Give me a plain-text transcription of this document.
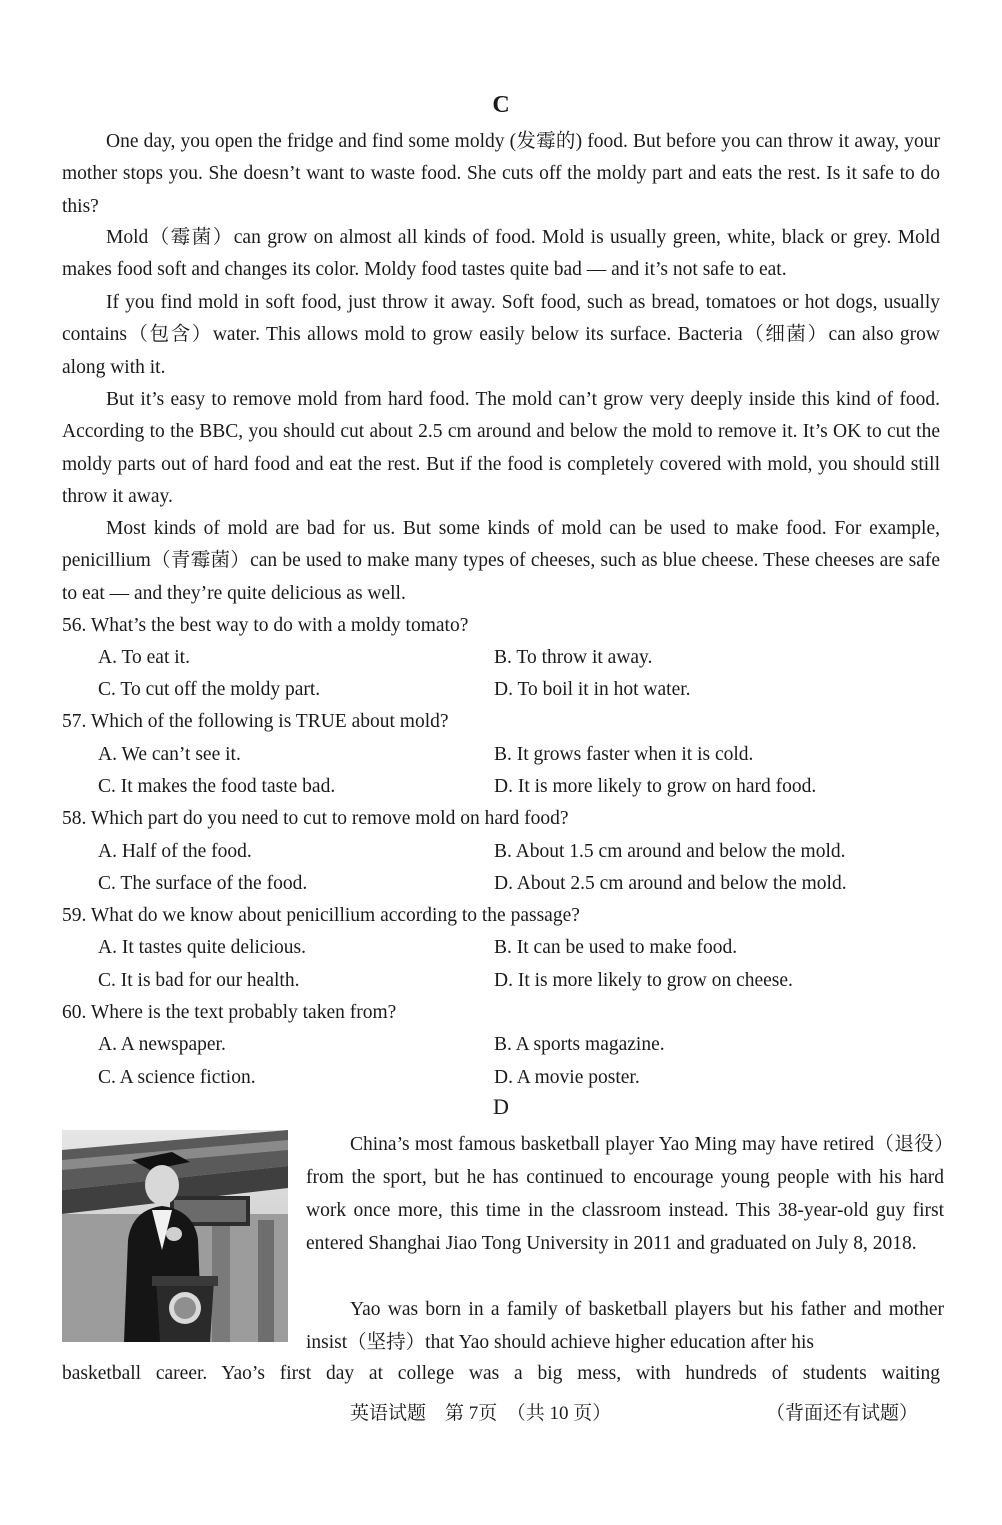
C

One day, you open the fridge and find some moldy (发霉的) food. But before you can throw it away, your mother stops you. She doesn’t want to waste food. She cuts off the moldy part and eats the rest. Is it safe to do this?

Mold（霉菌）can grow on almost all kinds of food. Mold is usually green, white, black or grey. Mold makes food soft and changes its color. Moldy food tastes quite bad — and it’s not safe to eat.

If you find mold in soft food, just throw it away. Soft food, such as bread, tomatoes or hot dogs, usually contains（包含）water. This allows mold to grow easily below its surface. Bacteria（细菌）can also grow along with it.

But it’s easy to remove mold from hard food. The mold can’t grow very deeply inside this kind of food. According to the BBC, you should cut about 2.5 cm around and below the mold to remove it. It’s OK to cut the moldy parts out of hard food and eat the rest. But if the food is completely covered with mold, you should still throw it away.

Most kinds of mold are bad for us. But some kinds of mold can be used to make food. For example, penicillium（青霉菌）can be used to make many types of cheeses, such as blue cheese. These cheeses are safe to eat — and they’re quite delicious as well.

56. What’s the best way to do with a moldy tomato?
A. To eat it.	B. To throw it away.
C. To cut off the moldy part.	D. To boil it in hot water.
57. Which of the following is TRUE about mold?
A. We can’t see it.	B. It grows faster when it is cold.
C. It makes the food taste bad.	D. It is more likely to grow on hard food.
58. Which part do you need to cut to remove mold on hard food?
A. Half of the food.	B. About 1.5 cm around and below the mold.
C. The surface of the food.	D. About 2.5 cm around and below the mold.
59. What do we know about penicillium according to the passage?
A. It tastes quite delicious.	B. It can be used to make food.
C. It is bad for our health.	D. It is more likely to grow on cheese.
60. Where is the text probably taken from?
A. A newspaper.	B. A sports magazine.
C. A science fiction.	D. A movie poster.
D

China’s most famous basketball player Yao Ming may have retired（退役）from the sport, but he has continued to encourage young people with his hard work once more, this time in the classroom instead. This 38-year-old guy first entered Shanghai Jiao Tong University in 2011 and graduated on July 8, 2018.

Yao was born in a family of basketball players but his father and mother insist（坚持）that Yao should achieve higher education after his

basketball career. Yao’s first day at college was a big mess, with hundreds of students waiting

英语试题　第 7页　（共 10 页）	（背面还有试题）
